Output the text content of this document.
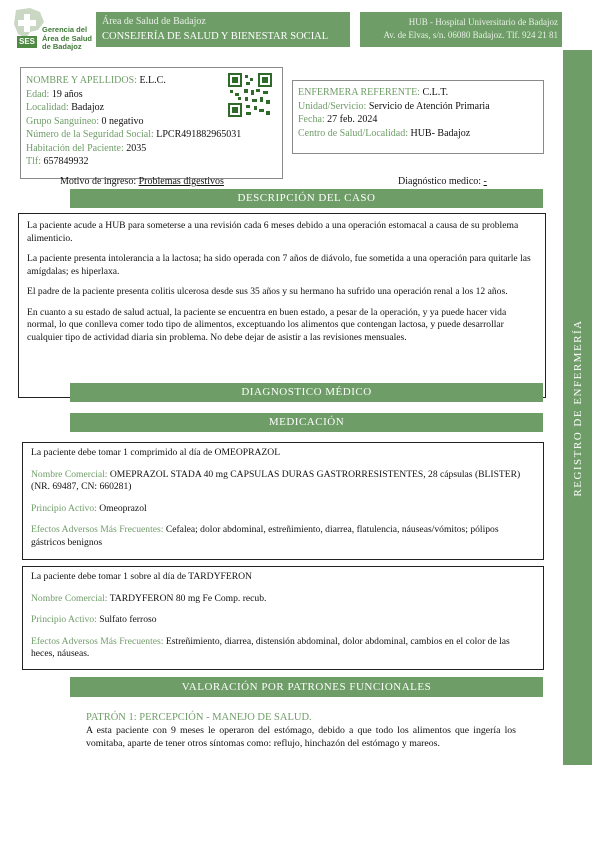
SES
Gerencia del
Área de Salud
de Badajoz
Área de Salud de Badajoz
CONSEJERÍA DE SALUD Y BIENESTAR SOCIAL
HUB - Hospital Universitario de Badajoz
Av. de Elvas, s/n. 06080 Badajoz. Tlf. 924 21 81
REGISTRO DE ENFERMERÍA
NOMBRE Y APELLIDOS: E.L.C.
Edad: 19 años
Localidad: Badajoz
Grupo Sanguíneo: 0 negativo
Número de la Seguridad Social: LPCR491882965031
Habitación del Paciente: 2035
Tlf: 657849932
ENFERMERA REFERENTE: C.L.T.
Unidad/Servicio: Servicio de Atención Primaria
Fecha: 27 feb. 2024
Centro de Salud/Localidad: HUB- Badajoz
Motivo de ingreso: Problemas digestivos	Diagnóstico medico: -
DESCRIPCIÓN DEL CASO

La paciente acude a HUB para someterse a una revisión cada 6 meses debido a una operación estomacal a causa de su problema alimenticio.

La paciente presenta intolerancia a la lactosa; ha sido operada con 7 años de diávolo, fue sometida a una operación para quitarle las amígdalas; es hiperlaxa.

El padre de la paciente presenta colitis ulcerosa desde sus 35 años y su hermano ha sufrido una operación renal a los 12 años.

En cuanto a su estado de salud actual, la paciente se encuentra en buen estado, a pesar de la operación, y ya puede hacer vida normal, lo que conlleva comer todo tipo de alimentos, exceptuando los alimentos que contengan lactosa, y puede desarrollar cualquier tipo de actividad diaria sin problema. No debe dejar de asistir a las revisiones mensuales.

DIAGNOSTICO MÉDICO
MEDICACIÓN

La paciente debe tomar 1 comprimido al día de OMEOPRAZOL

Nombre Comercial: OMEPRAZOL STADA 40 mg CAPSULAS DURAS GASTRORRESISTENTES, 28 cápsulas (BLISTER) (NR. 69487, CN: 660281)

Principio Activo: Omeoprazol

Efectos Adversos Más Frecuentes: Cefalea; dolor abdominal, estreñimiento, diarrea, flatulencia, náuseas/vómitos; pólipos gástricos benignos

La paciente debe tomar 1 sobre al día de TARDYFERON

Nombre Comercial: TARDYFERON 80 mg Fe Comp. recub.

Principio Activo: Sulfato ferroso

Efectos Adversos Más Frecuentes: Estreñimiento, diarrea, distensión abdominal, dolor abdominal, cambios en el color de las heces, náuseas.

VALORACIÓN POR PATRONES FUNCIONALES
PATRÓN 1: PERCEPCIÓN - MANEJO DE SALUD.
A esta paciente con 9 meses le operaron del estómago, debido a que todo los alimentos que ingería los vomitaba, aparte de tener otros síntomas como: reflujo, hinchazón del estómago y mareos.
